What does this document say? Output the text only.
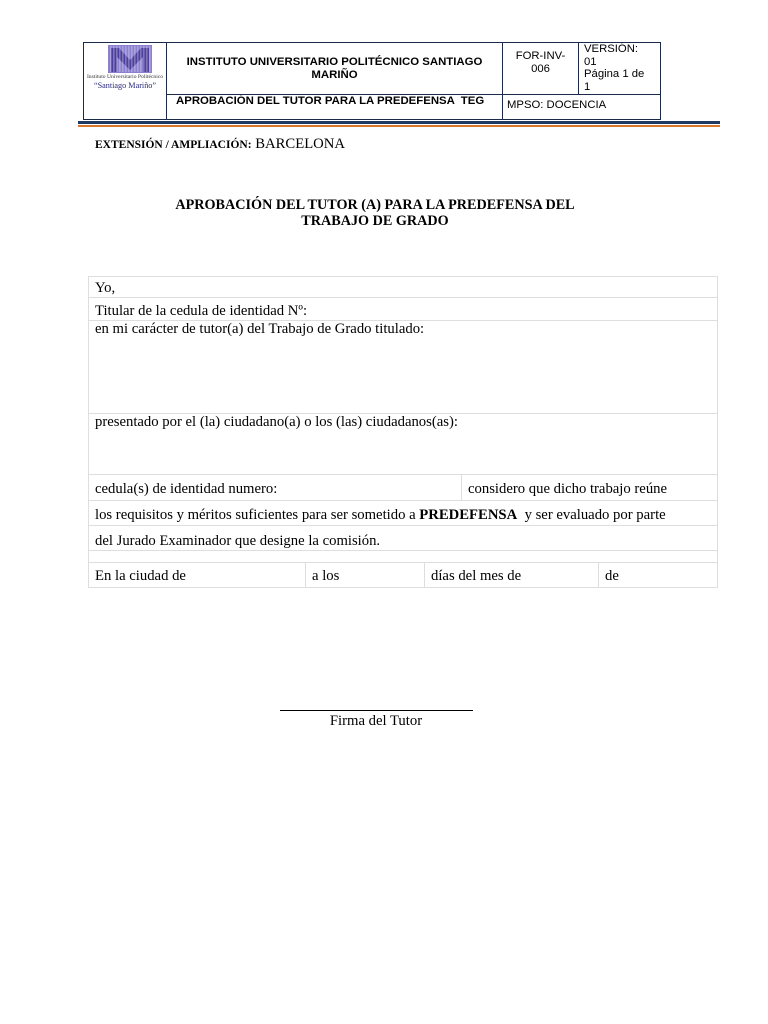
Instituto Universitario Politécnico
“Santiago Mariño”
INSTITUTO UNIVERSITARIO POLITÉCNICO SANTIAGO MARIÑO
FOR-INV-006
VERSIÓN: 01
Página 1 de 1
APROBACIÓN DEL TUTOR PARA LA PREDEFENSA  TEG	MPSO: DOCENCIA
EXTENSIÓN / AMPLIACIÓN: BARCELONA
APROBACIÓN DEL TUTOR (A) PARA LA PREDEFENSA DEL
TRABAJO DE GRADO
Yo,
Titular de la cedula de identidad Nº:
en mi carácter de tutor(a) del Trabajo de Grado titulado:
presentado por el (la) ciudadano(a) o los (las) ciudadanos(as):
cedula(s) de identidad numero:	considero que dicho trabajo reúne
los requisitos y méritos suficientes para ser sometido a PREDEFENSA  y ser evaluado por parte
del Jurado Examinador que designe la comisión.
En la ciudad de	a los	días del mes de	de
Firma del Tutor
